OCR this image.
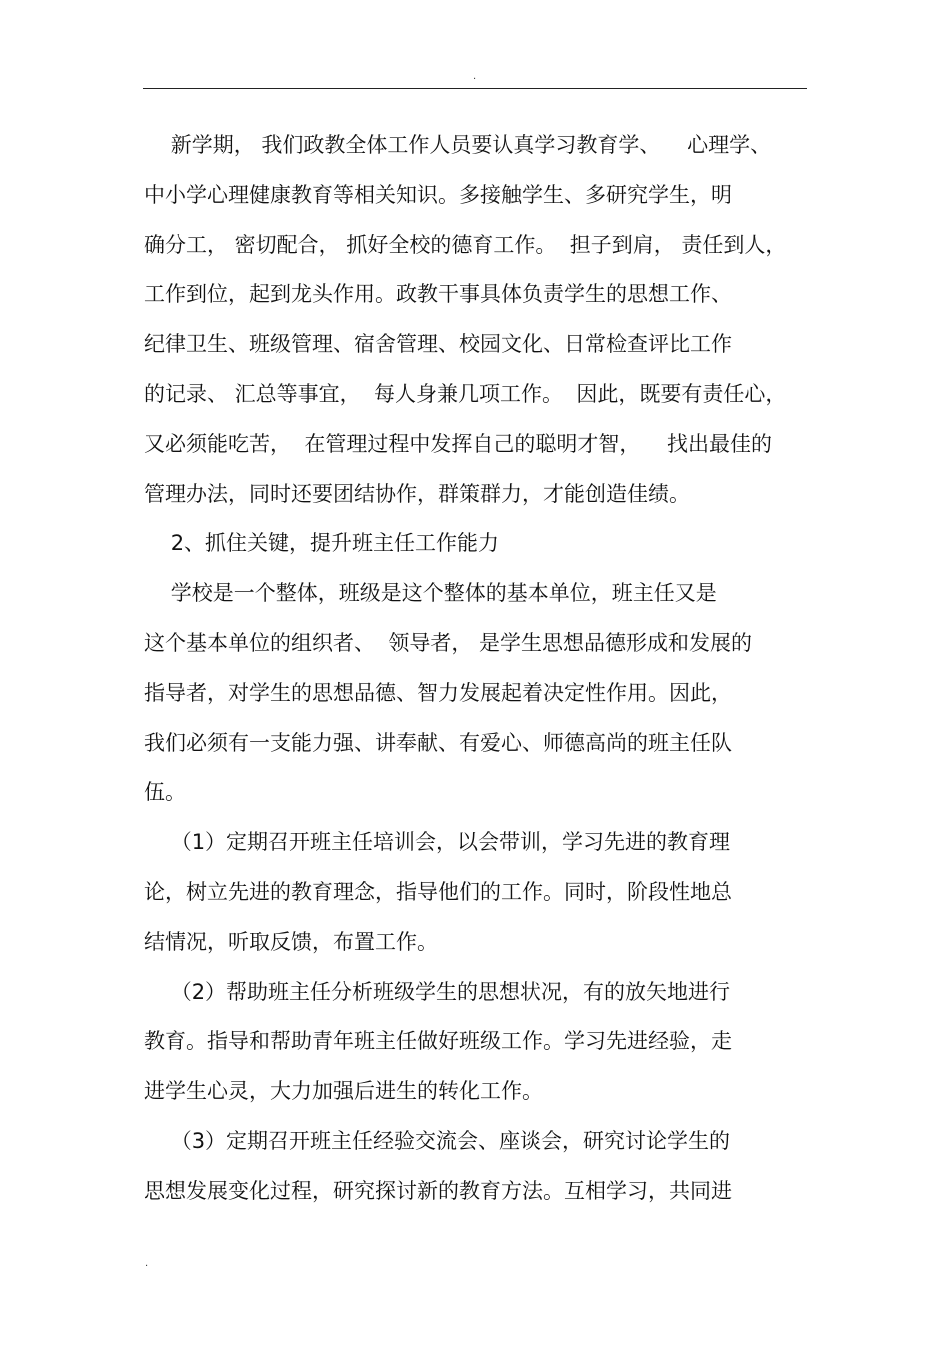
.
新学期， 我们政教全体工作人员要认真学习教育学、    心理学、
中小学心理健康教育等相关知识。多接触学生、多研究学生，明
确分工， 密切配合， 抓好全校的德育工作。  担子到肩， 责任到人，
工作到位，起到龙头作用。政教干事具体负责学生的思想工作、
纪律卫生、班级管理、宿舍管理、校园文化、日常检查评比工作
的记录、 汇总等事宜，  每人身兼几项工作。  因此，既要有责任心，
又必须能吃苦，  在管理过程中发挥自己的聪明才智，    找出最佳的
管理办法，同时还要团结协作，群策群力，才能创造佳绩。
2、抓住关键，提升班主任工作能力
学校是一个整体，班级是这个整体的基本单位，班主任又是
这个基本单位的组织者、  领导者， 是学生思想品德形成和发展的
指导者，对学生的思想品德、智力发展起着决定性作用。因此，
我们必须有一支能力强、讲奉献、有爱心、师德高尚的班主任队
伍。
（1）定期召开班主任培训会，以会带训，学习先进的教育理
论，树立先进的教育理念，指导他们的工作。同时，阶段性地总
结情况，听取反馈，布置工作。
（2）帮助班主任分析班级学生的思想状况，有的放矢地进行
教育。指导和帮助青年班主任做好班级工作。学习先进经验，走
进学生心灵，大力加强后进生的转化工作。
（3）定期召开班主任经验交流会、座谈会，研究讨论学生的
思想发展变化过程，研究探讨新的教育方法。互相学习，共同进
.
